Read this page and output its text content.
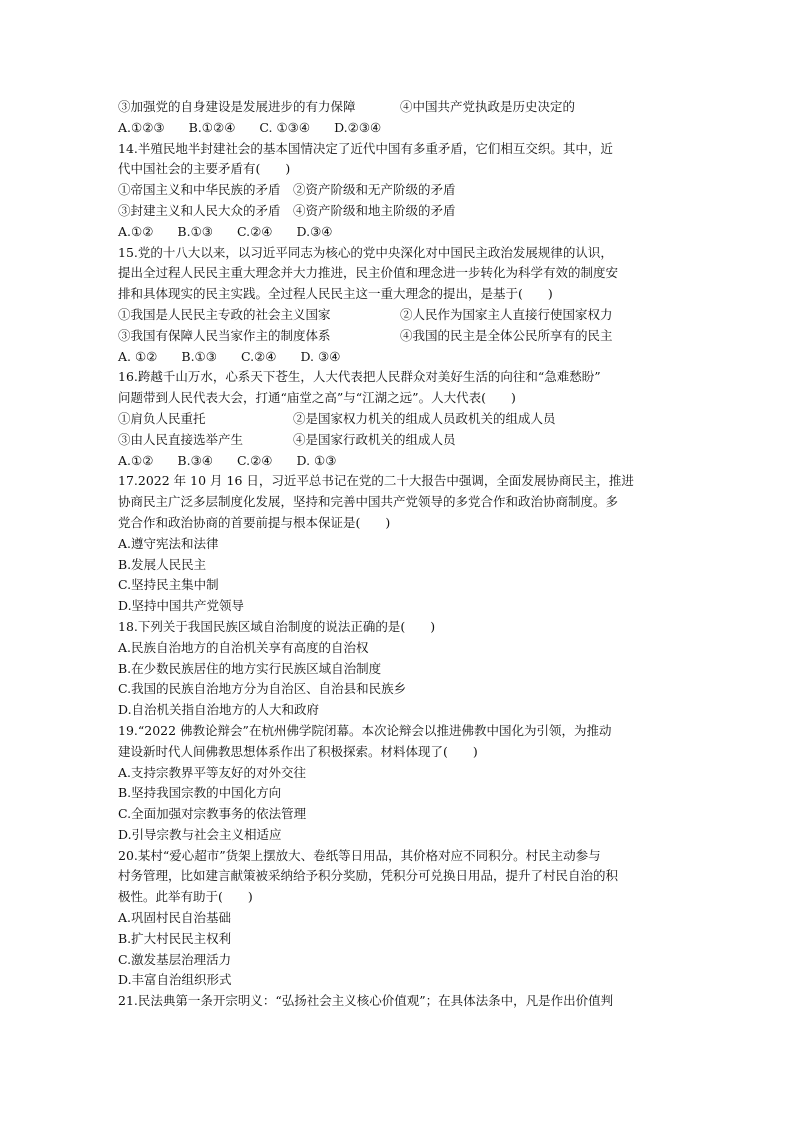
③加强党的自身建设是发展进步的有力保障	④中国共产党执政是历史决定的
A.①②③ B.①②④ C. ①③④ D.②③④
14.半殖民地半封建社会的基本国情决定了近代中国有多重矛盾，它们相互交织。其中，近
代中国社会的主要矛盾有(　　)
①帝国主义和中华民族的矛盾 ②资产阶级和无产阶级的矛盾
③封建主义和人民大众的矛盾 ④资产阶级和地主阶级的矛盾
A.①② B.①③ C.②④ D.③④
15.党的十八大以来，以习近平同志为核心的党中央深化对中国民主政治发展规律的认识，
提出全过程人民民主重大理念并大力推进，民主价值和理念进一步转化为科学有效的制度安
排和具体现实的民主实践。全过程人民民主这一重大理念的提出，是基于(　　)
①我国是人民民主专政的社会主义国家	②人民作为国家主人直接行使国家权力
③我国有保障人民当家作主的制度体系	④我国的民主是全体公民所享有的民主
A. ①② B.①③ C.②④ D. ③④
16.跨越千山万水，心系天下苍生，人大代表把人民群众对美好生活的向往和“急难愁盼”
问题带到人民代表大会，打通“庙堂之高”与“江湖之远”。人大代表(　　)
①肩负人民重托	②是国家权力机关的组成人员政机关的组成人员
③由人民直接选举产生	④是国家行政机关的组成人员
A.①② B.③④ C.②④ D. ①③
17.2022 年 10 月 16 日，习近平总书记在党的二十大报告中强调，全面发展协商民主，推进
协商民主广泛多层制度化发展，坚持和完善中国共产党领导的多党合作和政治协商制度。多
党合作和政治协商的首要前提与根本保证是(　　)
A.遵守宪法和法律
B.发展人民民主
C.坚持民主集中制
D.坚持中国共产党领导
18.下列关于我国民族区域自治制度的说法正确的是(　　)
A.民族自治地方的自治机关享有高度的自治权
B.在少数民族居住的地方实行民族区域自治制度
C.我国的民族自治地方分为自治区、自治县和民族乡
D.自治机关指自治地方的人大和政府
19.“2022 佛教论辩会”在杭州佛学院闭幕。本次论辩会以推进佛教中国化为引领，为推动
建设新时代人间佛教思想体系作出了积极探索。材料体现了(　　)
A.支持宗教界平等友好的对外交往
B.坚持我国宗教的中国化方向
C.全面加强对宗教事务的依法管理
D.引导宗教与社会主义相适应
20.某村“爱心超市”货架上摆放大、卷纸等日用品，其价格对应不同积分。村民主动参与
村务管理，比如建言献策被采纳给予积分奖励，凭积分可兑换日用品，提升了村民自治的积
极性。此举有助于(　　)
A.巩固村民自治基础
B.扩大村民民主权利
C.激发基层治理活力
D.丰富自治组织形式
21.民法典第一条开宗明义：“弘扬社会主义核心价值观”；在具体法条中，凡是作出价值判
